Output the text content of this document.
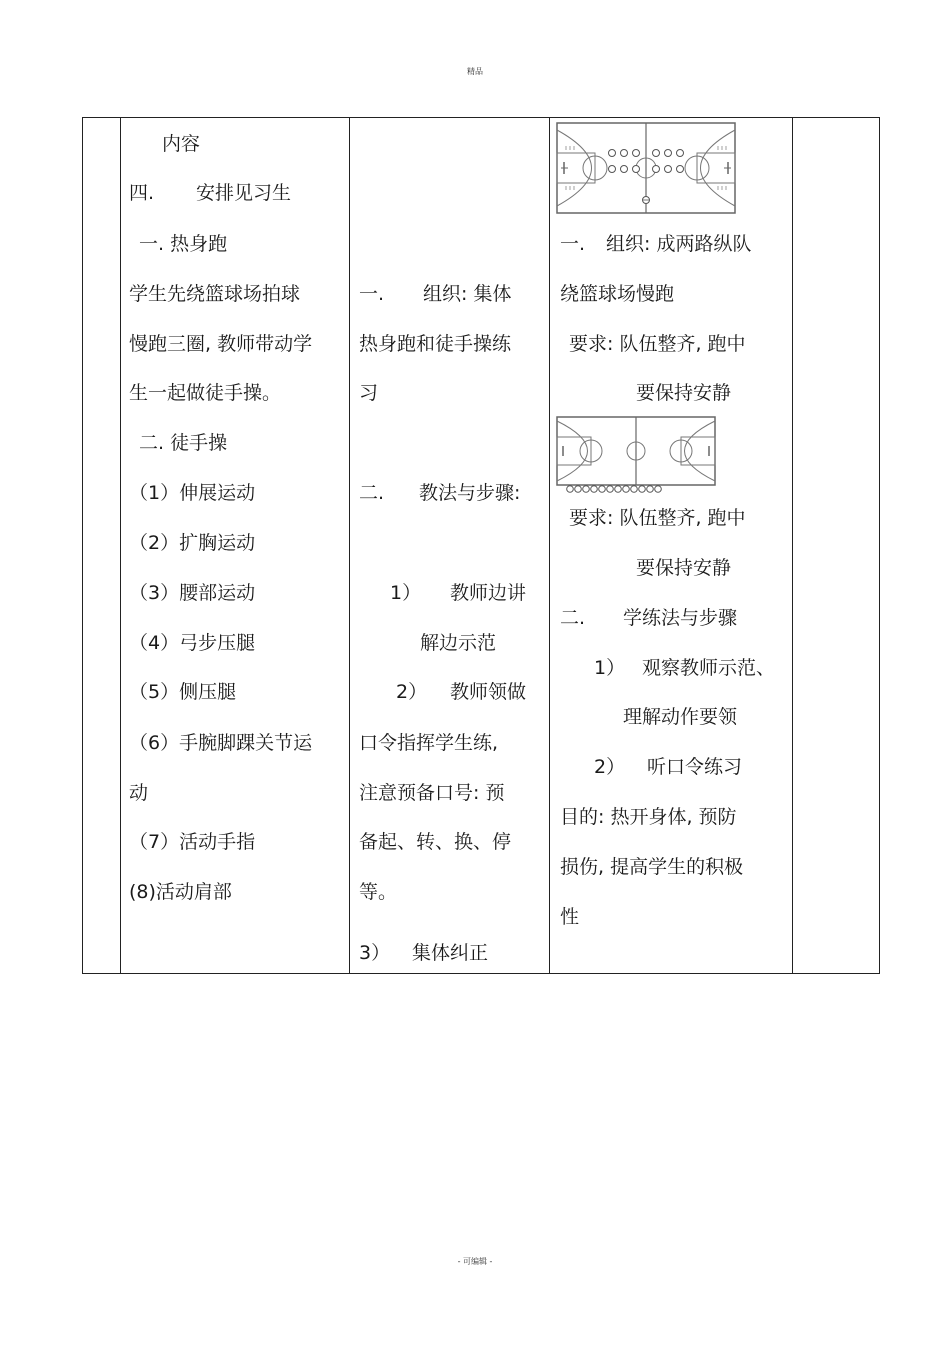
精品

内容
四. 安排见习生
一. 热身跑
学生先绕篮球场拍球
慢跑三圈, 教师带动学
生一起做徒手操。
二. 徒手操
（1）伸展运动
（2）扩胸运动
（3）腰部运动
（4）弓步压腿
（5）侧压腿
（6）手腕脚踝关节运
动
（7）活动手指
(8)活动肩部

一. 组织: 集体
热身跑和徒手操练
习
二. 教法与步骤:
1） 教师边讲
解边示范
2） 教师领做
口令指挥学生练,
注意预备口号: 预
备起、转、换、停
等。
3） 集体纠正

一. 组织: 成两路纵队
绕篮球场慢跑
要求: 队伍整齐, 跑中
要保持安静
要求: 队伍整齐, 跑中
要保持安静
二. 学练法与步骤
1） 观察教师示范、
理解动作要领
2） 听口令练习
目的: 热开身体, 预防
损伤, 提高学生的积极
性

- 可编辑 -
